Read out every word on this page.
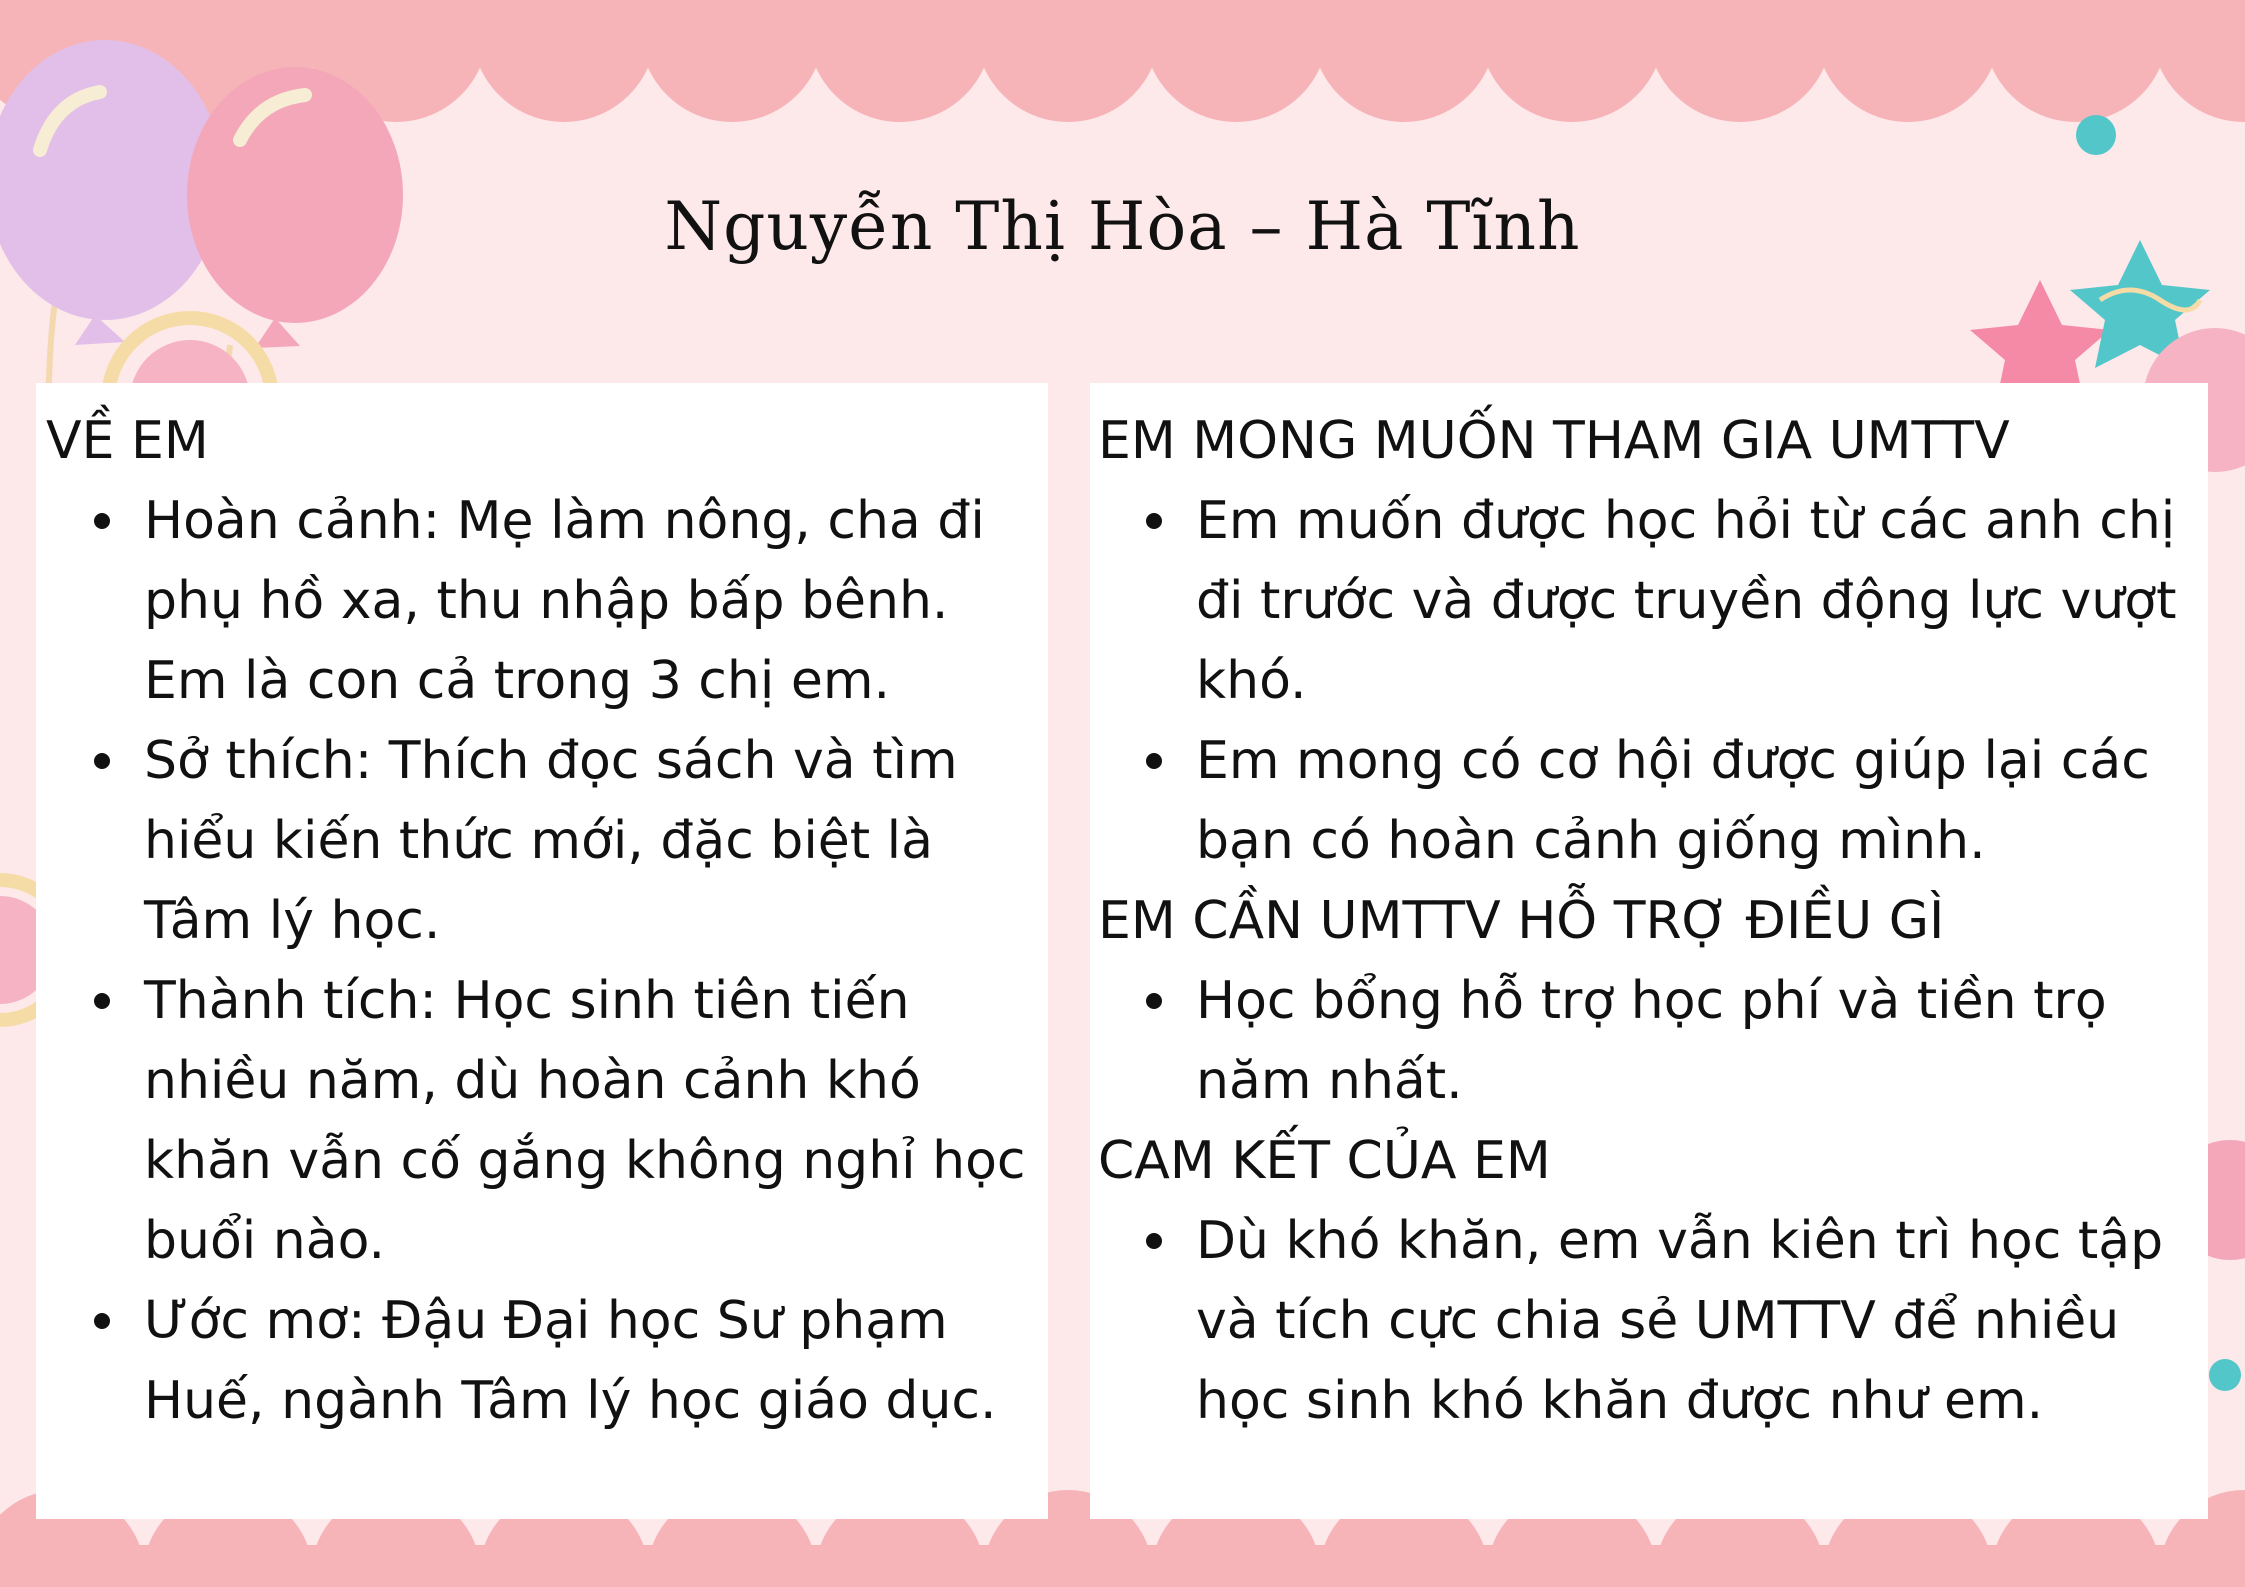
Nguyễn Thị Hòa – Hà Tĩnh
VỀ EM
Hoàn cảnh: Mẹ làm nông, cha đi phụ hồ xa, thu nhập bấp bênh. Em là con cả trong 3 chị em.
Sở thích: Thích đọc sách và tìm hiểu kiến thức mới, đặc biệt là Tâm lý học.
Thành tích: Học sinh tiên tiến nhiều năm, dù hoàn cảnh khó khăn vẫn cố gắng không nghỉ học buổi nào.
Ước mơ: Đậu Đại học Sư phạm Huế, ngành Tâm lý học giáo dục.
EM MONG MUỐN THAM GIA UMTTV
Em muốn được học hỏi từ các anh chị đi trước và được truyền động lực vượt khó.
Em mong có cơ hội được giúp lại các bạn có hoàn cảnh giống mình.
EM CẦN UMTTV HỖ TRỢ ĐIỀU GÌ
Học bổng hỗ trợ học phí và tiền trọ năm nhất.
CAM KẾT CỦA EM
Dù khó khăn, em vẫn kiên trì học tập và tích cực chia sẻ UMTTV để nhiều học sinh khó khăn được như em.
